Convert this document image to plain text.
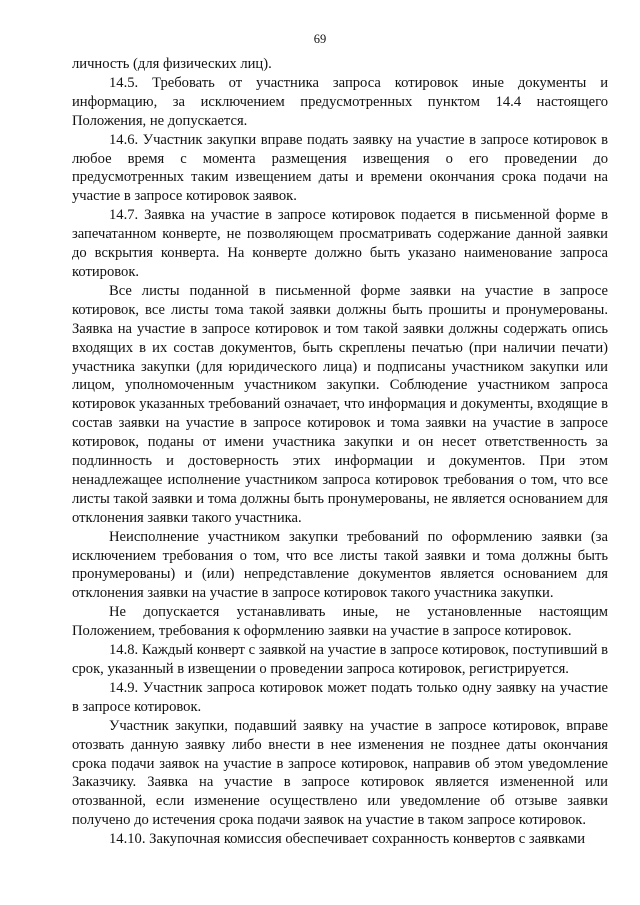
69

личность (для физических лиц).

14.5. Требовать от участника запроса котировок иные документы и информацию, за исключением предусмотренных пунктом 14.4 настоящего Положения, не допускается.

14.6. Участник закупки вправе подать заявку на участие в запросе котировок в любое время с момента размещения извещения о его проведении до предусмотренных таким извещением даты и времени окончания срока подачи на участие в запросе котировок заявок.

14.7. Заявка на участие в запросе котировок подается в письменной форме в запечатанном конверте, не позволяющем просматривать содержание данной заявки до вскрытия конверта. На конверте должно быть указано наименование запроса котировок.

Все листы поданной в письменной форме заявки на участие в запросе котировок, все листы тома такой заявки должны быть прошиты и пронумерованы. Заявка на участие в запросе котировок и том такой заявки должны содержать опись входящих в их состав документов, быть скреплены печатью (при наличии печати) участника закупки (для юридического лица) и подписаны участником закупки или лицом, уполномоченным участником закупки. Соблюдение участником запроса котировок указанных требований означает, что информация и документы, входящие в состав заявки на участие в запросе котировок и тома заявки на участие в запросе котировок, поданы от имени участника закупки и он несет ответственность за подлинность и достоверность этих информации и документов. При этом ненадлежащее исполнение участником запроса котировок требования о том, что все листы такой заявки и тома должны быть пронумерованы, не является основанием для отклонения заявки такого участника.

Неисполнение участником закупки требований по оформлению заявки (за исключением требования о том, что все листы такой заявки и тома должны быть пронумерованы) и (или) непредставление документов является основанием для отклонения заявки на участие в запросе котировок такого участника закупки.

Не допускается устанавливать иные, не установленные настоящим Положением, требования к оформлению заявки на участие в запросе котировок.

14.8. Каждый конверт с заявкой на участие в запросе котировок, поступивший в срок, указанный в извещении о проведении запроса котировок, регистрируется.

14.9. Участник запроса котировок может подать только одну заявку на участие в запросе котировок.

Участник закупки, подавший заявку на участие в запросе котировок, вправе отозвать данную заявку либо внести в нее изменения не позднее даты окончания срока подачи заявок на участие в запросе котировок, направив об этом уведомление Заказчику. Заявка на участие в запросе котировок является измененной или отозванной, если изменение осуществлено или уведомление об отзыве заявки получено до истечения срока подачи заявок на участие в таком запросе котировок.

14.10. Закупочная комиссия обеспечивает сохранность конвертов с заявками
